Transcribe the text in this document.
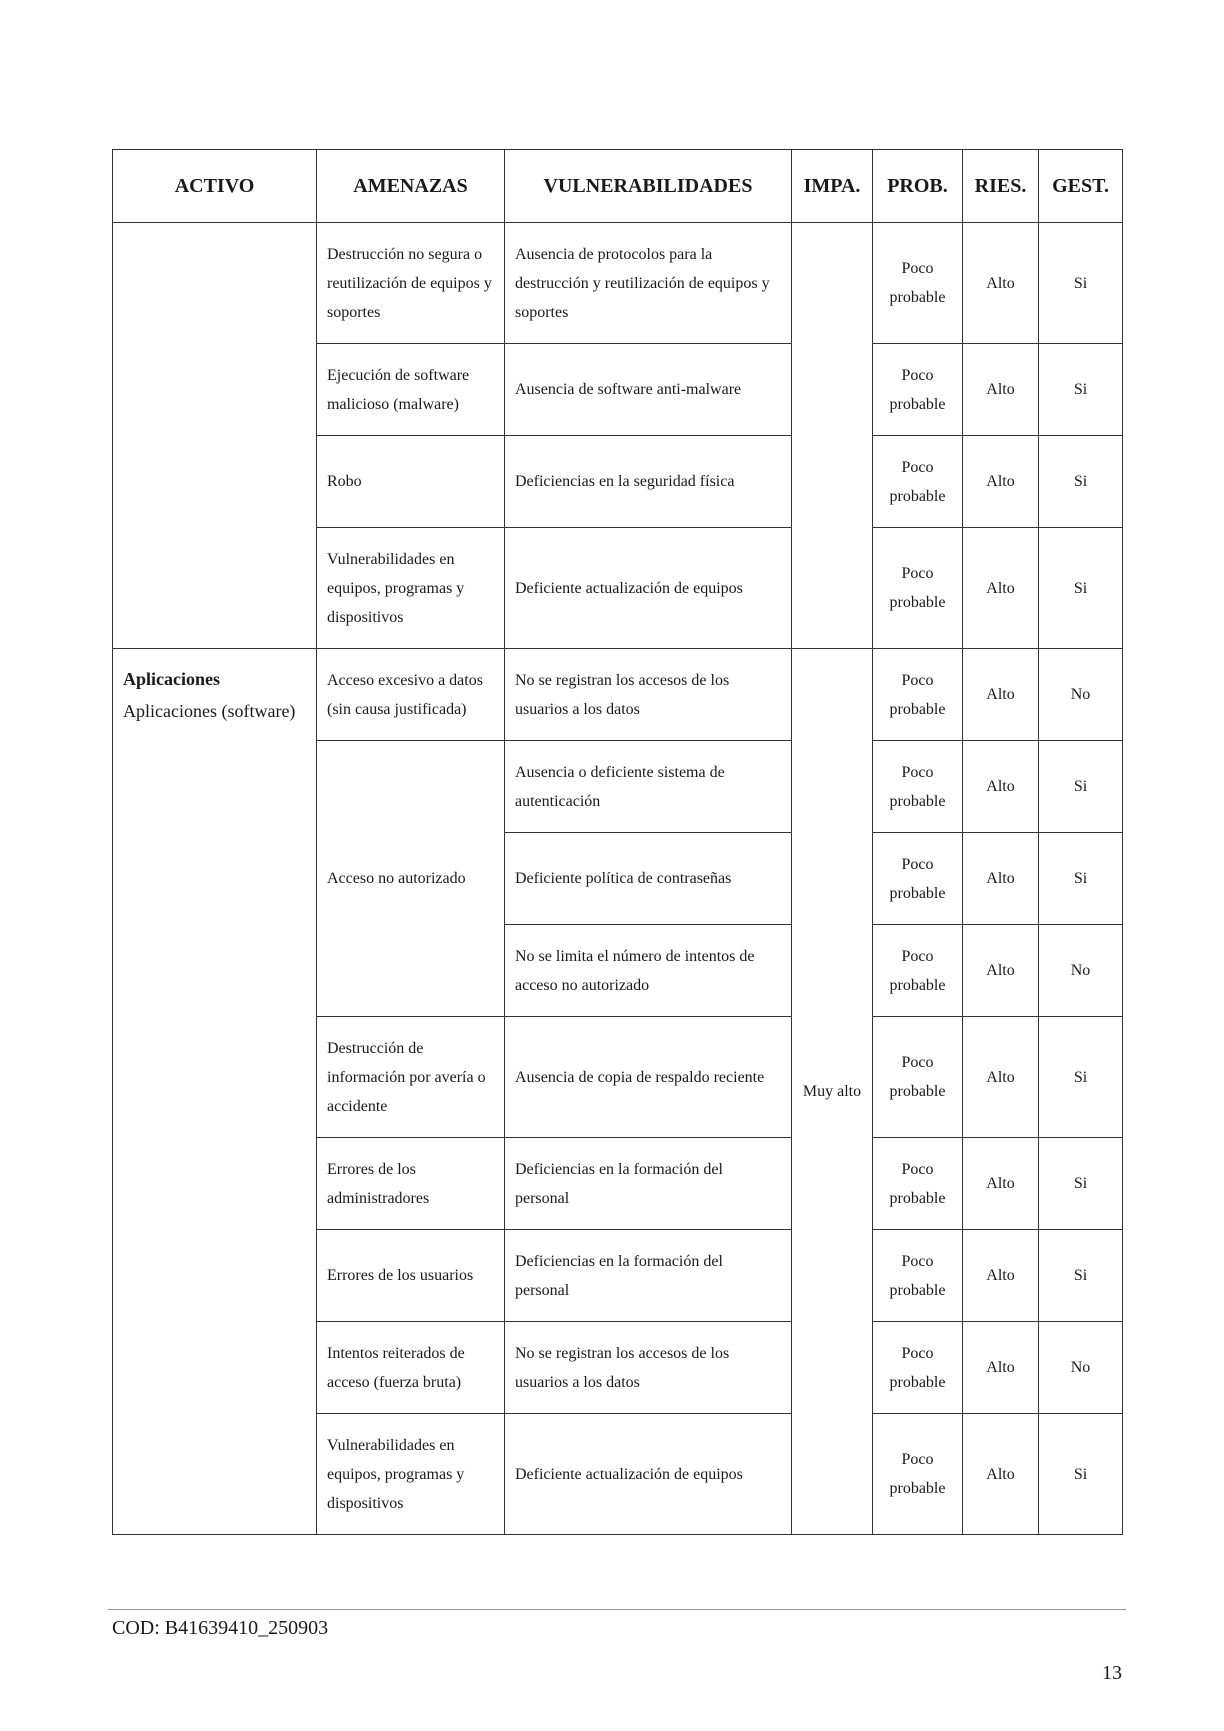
ACTIVO	AMENAZAS	VULNERABILIDADES	IMPA.	PROB.	RIES.	GEST.
	Destrucción no segura o reutilización de equipos y soportes	Ausencia de protocolos para la destrucción y reutilización de equipos y soportes		Poco probable	Alto	Si
	Ejecución de software malicioso (malware)	Ausencia de software anti-malware		Poco probable	Alto	Si
	Robo	Deficiencias en la seguridad física		Poco probable	Alto	Si
	Vulnerabilidades en equipos, programas y dispositivos	Deficiente actualización de equipos		Poco probable	Alto	Si

Aplicaciones
Aplicaciones (software)	Acceso excesivo a datos (sin causa justificada)	No se registran los accesos de los usuarios a los datos	Muy alto	Poco probable	Alto	No
	Acceso no autorizado	Ausencia o deficiente sistema de autenticación		Poco probable	Alto	Si
		Deficiente política de contraseñas		Poco probable	Alto	Si
		No se limita el número de intentos de acceso no autorizado		Poco probable	Alto	No
	Destrucción de información por avería o accidente	Ausencia de copia de respaldo reciente		Poco probable	Alto	Si
	Errores de los administradores	Deficiencias en la formación del personal		Poco probable	Alto	Si
	Errores de los usuarios	Deficiencias en la formación del personal		Poco probable	Alto	Si
	Intentos reiterados de acceso (fuerza bruta)	No se registran los accesos de los usuarios a los datos		Poco probable	Alto	No
	Vulnerabilidades en equipos, programas y dispositivos	Deficiente actualización de equipos		Poco probable	Alto	Si
COD: B41639410_250903
13
